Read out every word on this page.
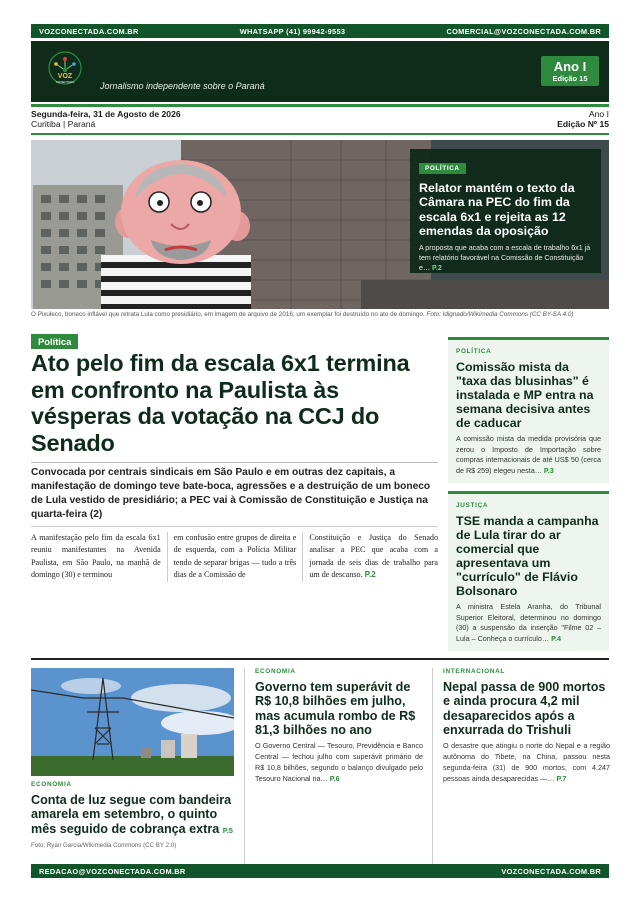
VOZCONECTADA.COM.BR	WHATSAPP (41) 99942-9553	COMERCIAL@VOZCONECTADA.COM.BR
VOZ
CONECTADA	Jornalismo independente sobre o Paraná
Ano I
Edição 15
Segunda-feira, 31 de Agosto de 2026
Curitiba | Paraná
Ano I
Edição Nº 15
POLÍTICA
Relator mantém o texto da Câmara na PEC do fim da escala 6x1 e rejeita as 12 emendas da oposição

A proposta que acaba com a escala de trabalho 6x1 já tem relatório favorável na Comissão de Constituição e… P.2

O Pixuleco, boneco inflável que retrata Lula como presidiário, em imagem de arquivo de 2016; um exemplar foi destruído no ato de domingo. Foto: Idignado/Wikimedia Commons (CC BY-SA 4.0)
Política
Ato pelo fim da escala 6x1 termina em confronto na Paulista às vésperas da votação na CCJ do Senado
Convocada por centrais sindicais em São Paulo e em outras dez capitais, a manifestação de domingo teve bate-boca, agressões e a destruição de um boneco de Lula vestido de presidiário; a PEC vai à Comissão de Constituição e Justiça na quarta-feira (2)
A manifestação pelo fim da escala 6x1 reuniu manifestantes na Avenida Paulista, em São Paulo, na manhã de domingo (30) e terminou
em confusão entre grupos de direita e de esquerda, com a Polícia Militar tendo de separar brigas — tudo a três dias de a Comissão de
Constituição e Justiça do Senado analisar a PEC que acaba com a jornada de seis dias de trabalho para um de descanso. P.2
POLÍTICA
Comissão mista da "taxa das blusinhas" é instalada e MP entra na semana decisiva antes de caducar

A comissão mista da medida provisória que zerou o Imposto de Importação sobre compras internacionais de até US$ 50 (cerca de R$ 259) elegeu nesta… P.3

JUSTIÇA
TSE manda a campanha de Lula tirar do ar comercial que apresentava um "currículo" de Flávio Bolsonaro

A ministra Estela Aranha, do Tribunal Superior Eleitoral, determinou no domingo (30) a suspensão da inserção "Filme 02 – Lula – Conheça o currículo… P.4

ECONOMIA
Conta de luz segue com bandeira amarela em setembro, o quinto mês seguido de cobrança extra P.5
Foto: Ryan Garcia/Wikimedia Commons (CC BY 2.0)
ECONOMIA
Governo tem superávit de R$ 10,8 bilhões em julho, mas acumula rombo de R$ 81,3 bilhões no ano

O Governo Central — Tesouro, Previdência e Banco Central — fechou julho com superávit primário de R$ 10,8 bilhões, segundo o balanço divulgado pelo Tesouro Nacional na… P.6

INTERNACIONAL
Nepal passa de 900 mortos e ainda procura 4,2 mil desaparecidos após a enxurrada do Trishuli

O desastre que atingiu o norte do Nepal e a região autônoma do Tibete, na China, passou nesta segunda-feira (31) de 900 mortos, com 4.247 pessoas ainda desaparecidas —… P.7

REDACAO@VOZCONECTADA.COM.BR	VOZCONECTADA.COM.BR
